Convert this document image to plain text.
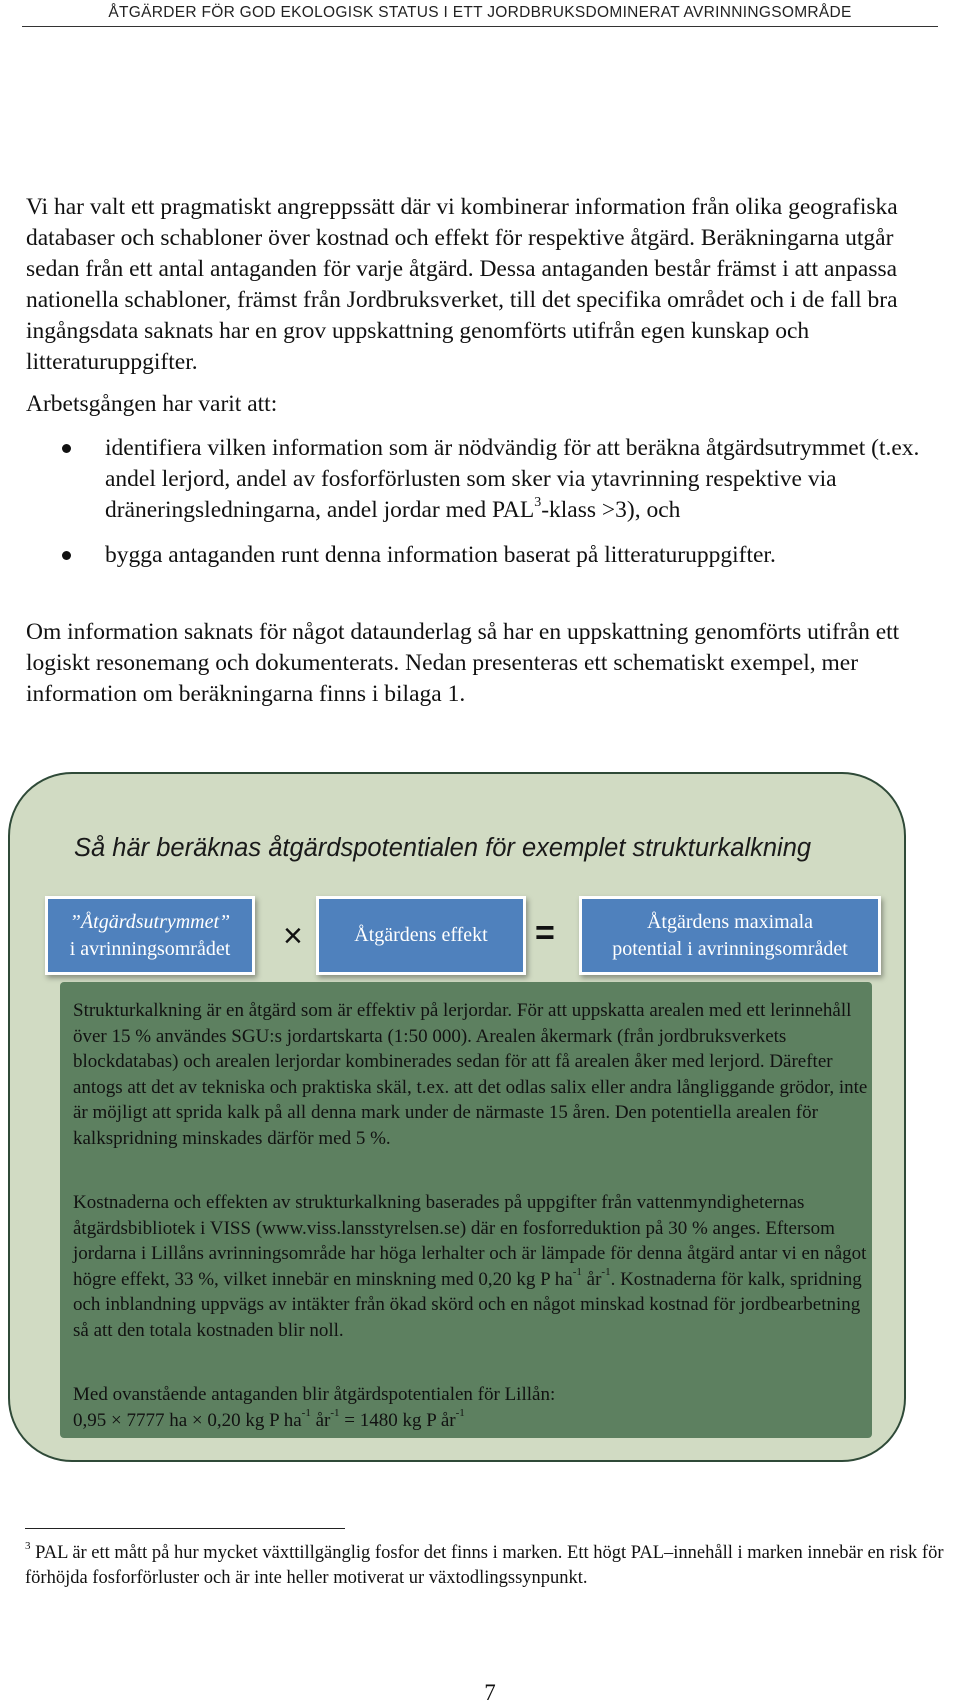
ÅTGÄRDER FÖR GOD EKOLOGISK STATUS I ETT JORDBRUKSDOMINERAT AVRINNINGSOMRÅDE

Vi har valt ett pragmatiskt angreppssätt där vi kombinerar information från olika geografiska databaser och schabloner över kostnad och effekt för respektive åtgärd. Beräkningarna utgår sedan från ett antal antaganden för varje åtgärd. Dessa antaganden består främst i att anpassa nationella schabloner, främst från Jordbruksverket, till det specifika området och i de fall bra ingångsdata saknats har en grov uppskattning genomförts utifrån egen kunskap och litteraturuppgifter.

Arbetsgången har varit att:

identifiera vilken information som är nödvändig för att beräkna åtgärdsutrymmet (t.ex. andel lerjord, andel av fosforförlusten som sker via ytavrinning respektive via dräneringsledningarna, andel jordar med $PAL^3$-klass >3), och
bygga antaganden runt denna information baserat på litteraturuppgifter.

Om information saknats för något dataunderlag så har en uppskattning genomförts utifrån ett logiskt resonemang och dokumenterats. Nedan presenteras ett schematiskt exempel, mer information om beräkningarna finns i bilaga 1.

Så här beräknas åtgärdspotentialen för exemplet strukturkalkning
”Åtgärdsutrymmet”
i avrinningsområdet ×	Åtgärdens effekt =	Åtgärdens maximala
potential i avrinningsområdet

Strukturkalkning är en åtgärd som är effektiv på lerjordar. För att uppskatta arealen med ett lerinnehåll över 15 % användes SGU:s jordartskarta (1:50 000). Arealen åkermark (från jordbruksverkets blockdatabas) och arealen lerjordar kombinerades sedan för att få arealen åker med lerjord. Därefter antogs att det av tekniska och praktiska skäl, t.ex. att det odlas salix eller andra långliggande grödor, inte är möjligt att sprida kalk på all denna mark under de närmaste 15 åren. Den potentiella arealen för kalkspridning minskades därför med 5 %.

Kostnaderna och effekten av strukturkalkning baserades på uppgifter från vattenmyndigheternas åtgärdsbibliotek i VISS (www.viss.lansstyrelsen.se) där en fosforreduktion på 30 % anges. Eftersom jordarna i Lillåns avrinningsområde har höga lerhalter och är lämpade för denna åtgärd antar vi en något högre effekt, 33 %, vilket innebär en minskning med 0,20 kg P $ha^{-1}$ $år^{-1}$. Kostnaderna för kalk, spridning och inblandning uppvägs av intäkter från ökad skörd och en något minskad kostnad för jordbearbetning så att den totala kostnaden blir noll.

Med ovanstående antaganden blir åtgärdspotentialen för Lillån:
0,95 × 7777 ha × 0,20 kg P $ha^{-1}$ $år^{-1} = 1480$ kg P $år^{-1}$

$^3$ PAL är ett mått på hur mycket växttillgänglig fosfor det finns i marken. Ett högt PAL–innehåll i marken innebär en risk för förhöjda fosforförluster och är inte heller motiverat ur växtodlingssynpunkt.

7
